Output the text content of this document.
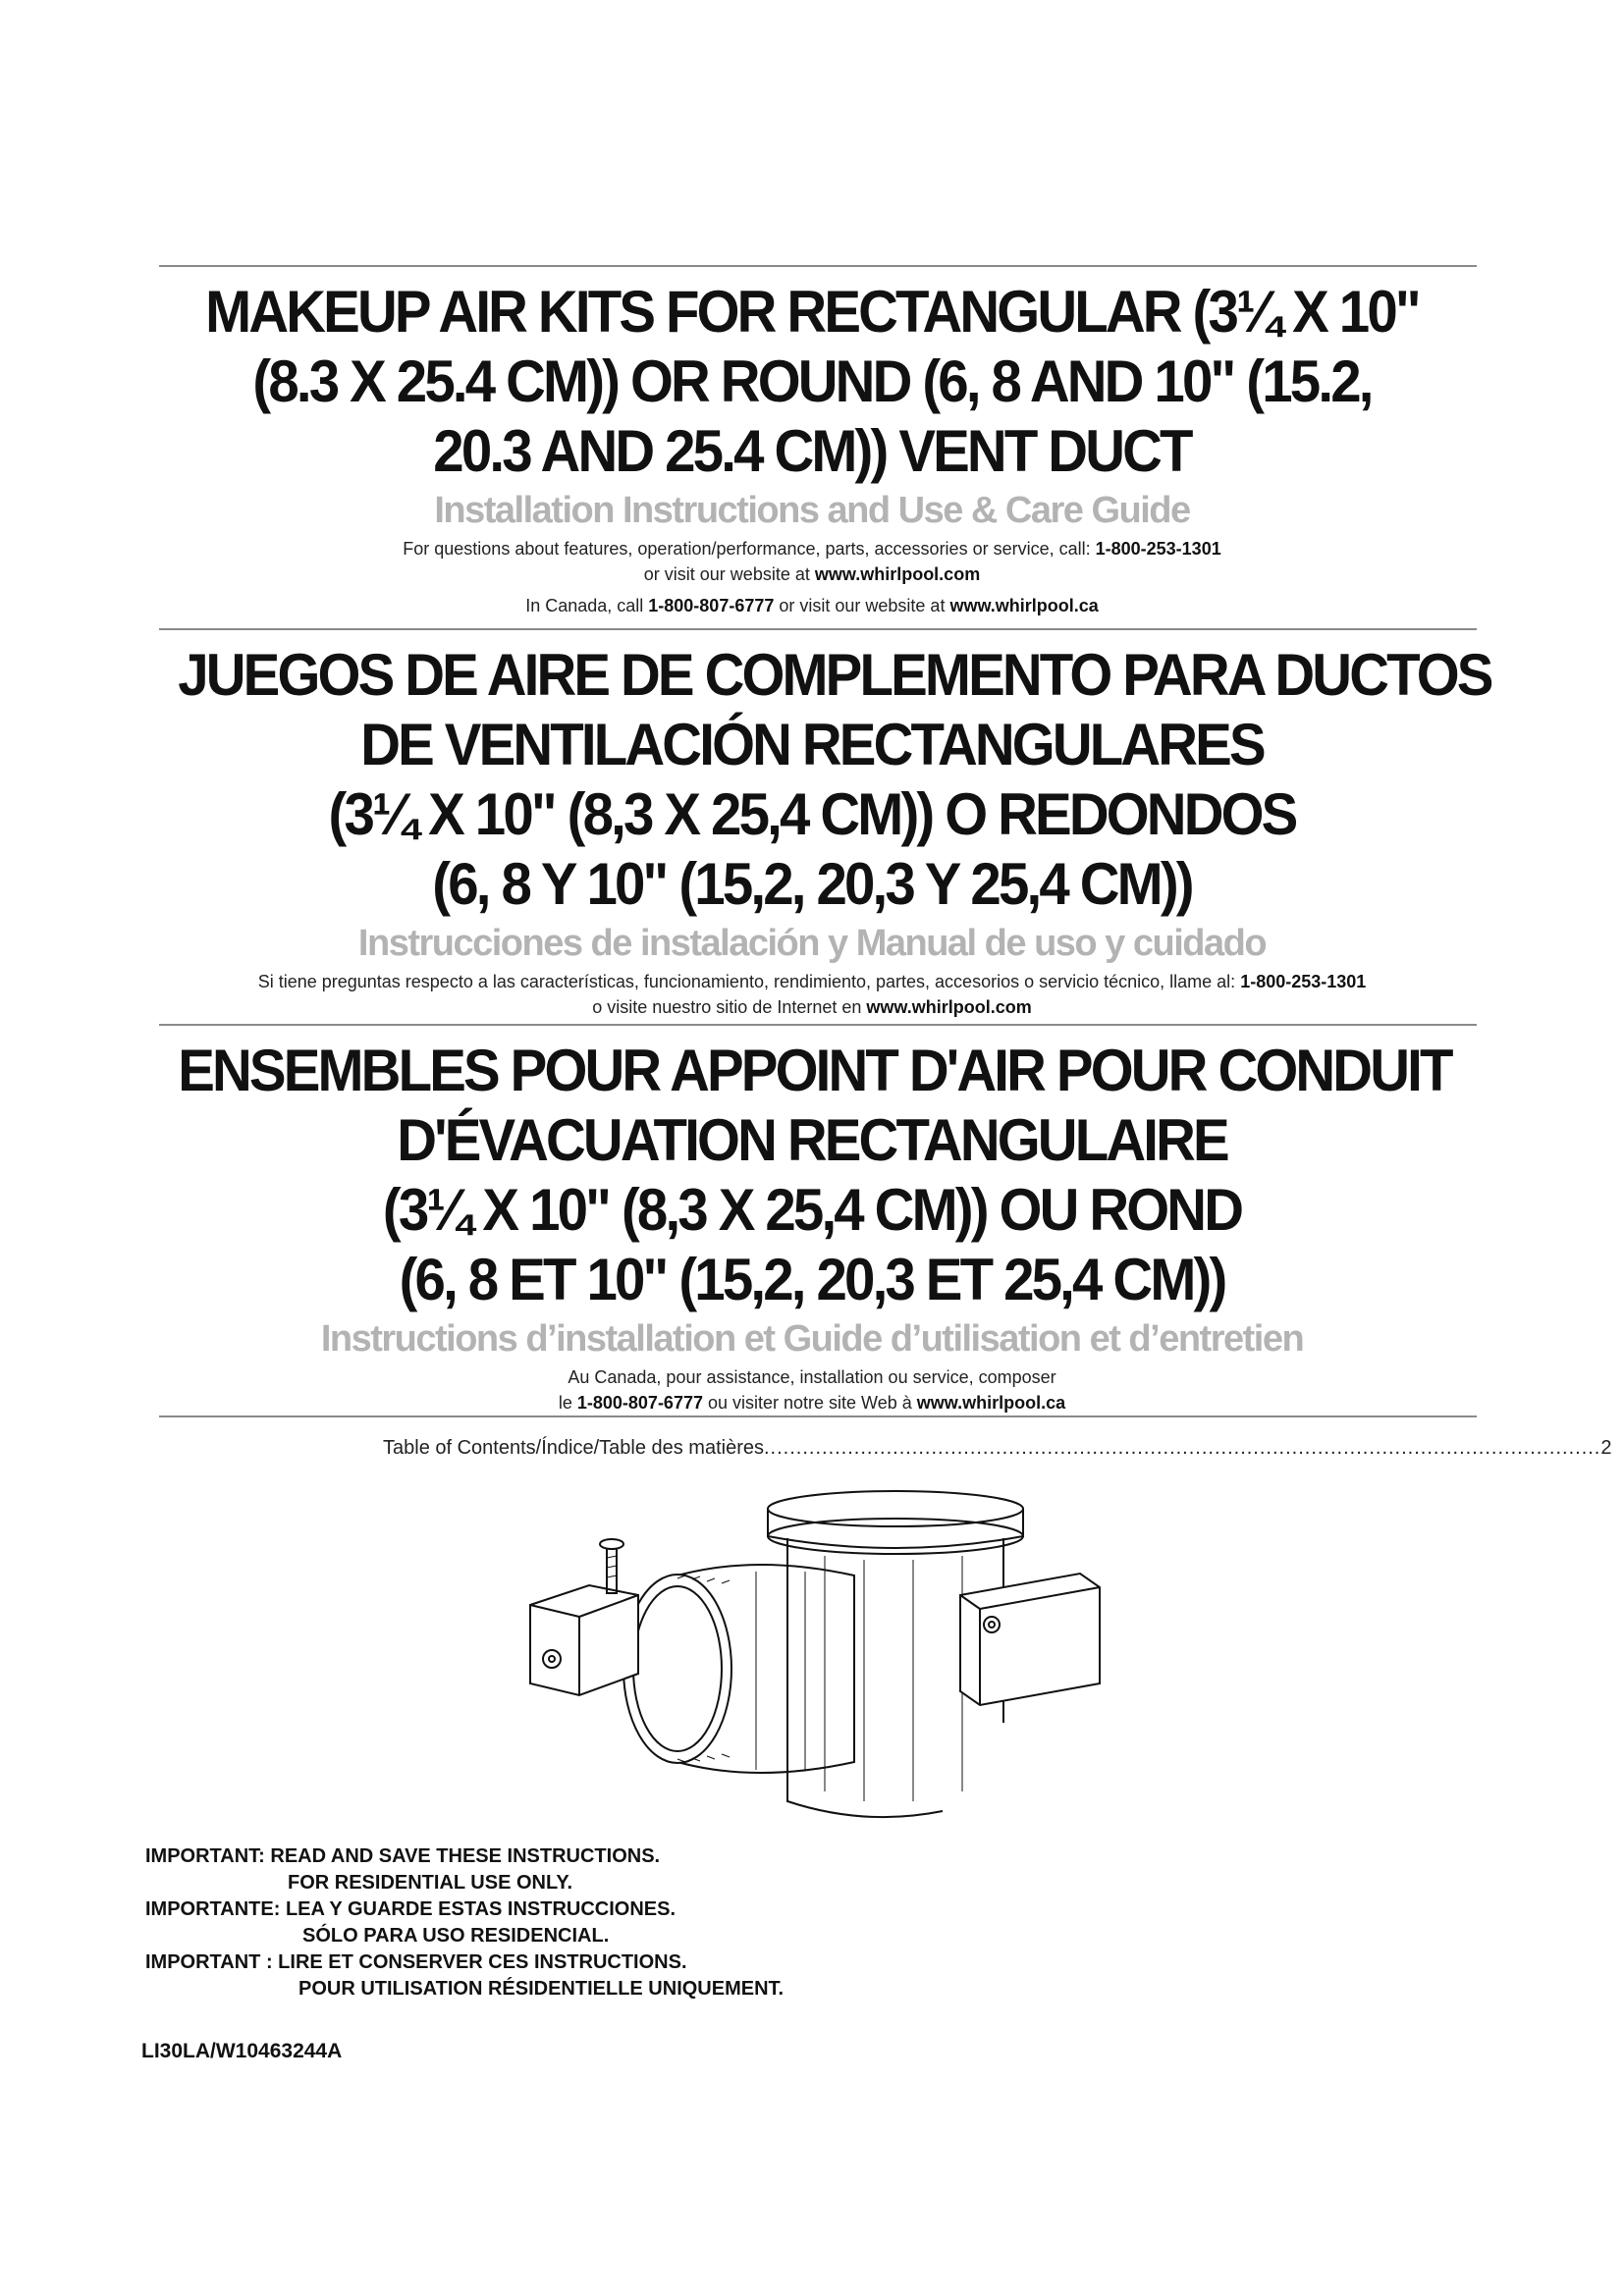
MAKEUP AIR KITS FOR RECTANGULAR (3¼ X 10"
(8.3 X 25.4 CM)) OR ROUND (6, 8 AND 10" (15.2,
20.3 AND 25.4 CM)) VENT DUCT
Installation Instructions and Use & Care Guide
For questions about features, operation/performance, parts, accessories or service, call: 1-800-253-1301
or visit our website at www.whirlpool.com
In Canada, call 1-800-807-6777 or visit our website at www.whirlpool.ca
JUEGOS DE AIRE DE COMPLEMENTO PARA DUCTOS
DE VENTILACIÓN RECTANGULARES
(3¼ X 10" (8,3 X 25,4 CM)) O REDONDOS
(6, 8 Y 10" (15,2, 20,3 Y 25,4 CM))
Instrucciones de instalación y Manual de uso y cuidado
Si tiene preguntas respecto a las características, funcionamiento, rendimiento, partes, accesorios o servicio técnico, llame al: 1-800-253-1301
o visite nuestro sitio de Internet en www.whirlpool.com
ENSEMBLES POUR APPOINT D'AIR POUR CONDUIT
D'ÉVACUATION RECTANGULAIRE
(3¼ X 10" (8,3 X 25,4 CM)) OU ROND
(6, 8 ET 10" (15,2, 20,3 ET 25,4 CM))
Instructions d’installation et Guide d’utilisation et d’entretien
Au Canada, pour assistance, installation ou service, composer
le 1-800-807-6777 ou visiter notre site Web à www.whirlpool.ca
Table of Contents/Índice/Table des matières .................................................................................................................................. 2
IMPORTANT: READ AND SAVE THESE INSTRUCTIONS.
FOR RESIDENTIAL USE ONLY.
IMPORTANTE: LEA Y GUARDE ESTAS INSTRUCCIONES.
SÓLO PARA USO RESIDENCIAL.
IMPORTANT : LIRE ET CONSERVER CES INSTRUCTIONS.
POUR UTILISATION RÉSIDENTIELLE UNIQUEMENT.
LI30LA/W10463244A
